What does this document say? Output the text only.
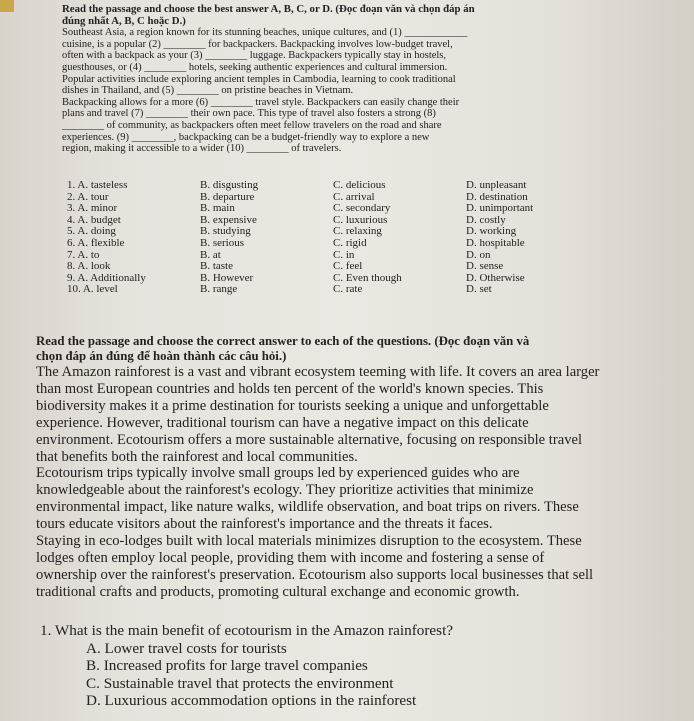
Read the passage and choose the best answer A, B, C, or D. (Đọc đoạn văn và chọn đáp án
đúng nhất A, B, C hoặc D.)
Southeast Asia, a region known for its stunning beaches, unique cultures, and (1) ____________
cuisine, is a popular (2) ________ for backpackers. Backpacking involves low-budget travel,
often with a backpack as your (3) ________ luggage. Backpackers typically stay in hostels,
guesthouses, or (4) ________ hotels, seeking authentic experiences and cultural immersion.
Popular activities include exploring ancient temples in Cambodia, learning to cook traditional
dishes in Thailand, and (5) ________ on pristine beaches in Vietnam.
Backpacking allows for a more (6) ________ travel style. Backpackers can easily change their
plans and travel (7) ________ their own pace. This type of travel also fosters a strong (8)
________ of community, as backpackers often meet fellow travelers on the road and share
experiences. (9) ________, backpacking can be a budget-friendly way to explore a new
region, making it accessible to a wider (10) ________ of travelers.
1. A. tasteless	B. disgusting	C. delicious	D. unpleasant
2. A. tour	B. departure	C. arrival	D. destination
3. A. minor	B. main	C. secondary	D. unimportant
4. A. budget	B. expensive	C. luxurious	D. costly
5. A. doing	B. studying	C. relaxing	D. working
6. A. flexible	B. serious	C. rigid	D. hospitable
7. A. to	B. at	C. in	D. on
8. A. look	B. taste	C. feel	D. sense
9. A. Additionally	B. However	C. Even though	D. Otherwise
10. A. level	B. range	C. rate	D. set
Read the passage and choose the correct answer to each of the questions. (Đọc đoạn văn và
chọn đáp án đúng để hoàn thành các câu hỏi.)
The Amazon rainforest is a vast and vibrant ecosystem teeming with life. It covers an area larger
than most European countries and holds ten percent of the world's known species. This
biodiversity makes it a prime destination for tourists seeking a unique and unforgettable
experience. However, traditional tourism can have a negative impact on this delicate
environment. Ecotourism offers a more sustainable alternative, focusing on responsible travel
that benefits both the rainforest and local communities.
Ecotourism trips typically involve small groups led by experienced guides who are
knowledgeable about the rainforest's ecology. They prioritize activities that minimize
environmental impact, like nature walks, wildlife observation, and boat trips on rivers. These
tours educate visitors about the rainforest's importance and the threats it faces.
Staying in eco-lodges built with local materials minimizes disruption to the ecosystem. These
lodges often employ local people, providing them with income and fostering a sense of
ownership over the rainforest's preservation. Ecotourism also supports local businesses that sell
traditional crafts and products, promoting cultural exchange and economic growth.
1. What is the main benefit of ecotourism in the Amazon rainforest?
A. Lower travel costs for tourists
B. Increased profits for large travel companies
C. Sustainable travel that protects the environment
D. Luxurious accommodation options in the rainforest
